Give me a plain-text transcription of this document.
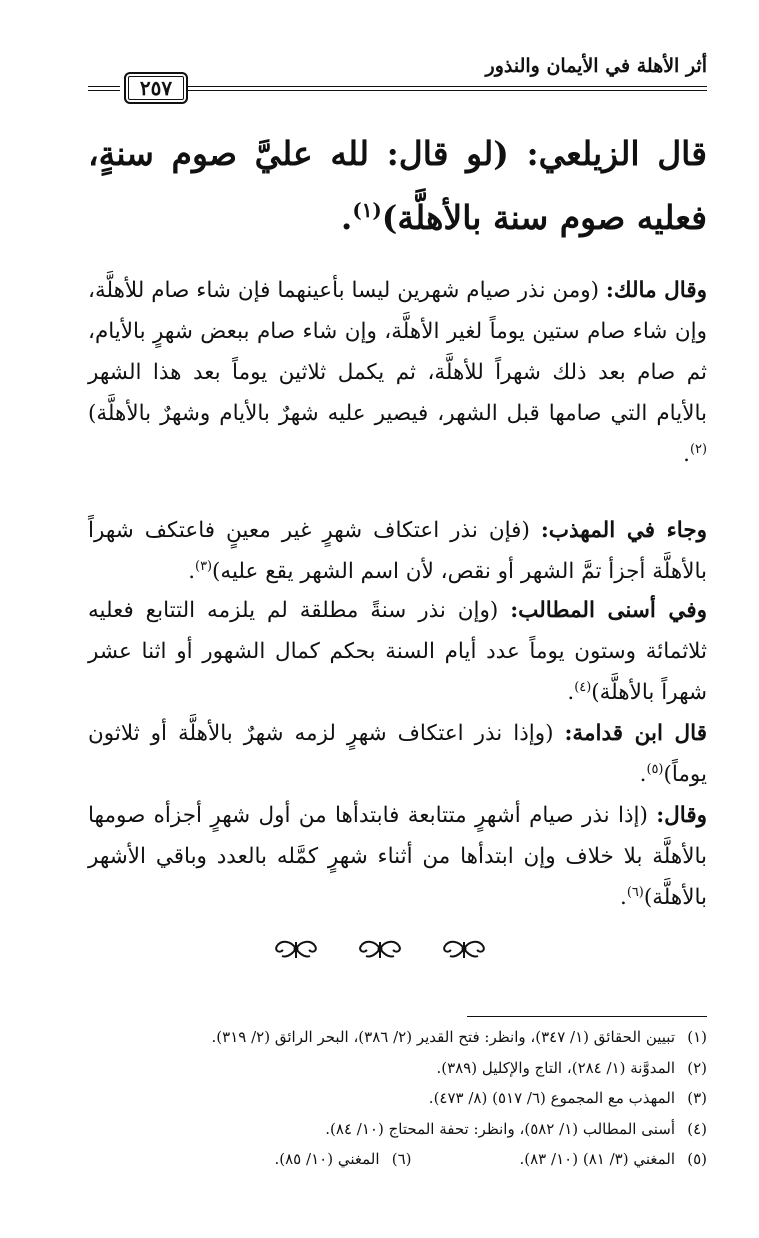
أثر الأهلة في الأيمان والنذور
٢٥٧
قال الزيلعي: (لو قال: لله عليَّ صوم سنةٍ، فعليه صوم سنة بالأهلَّة)$^{(١)}$.
وقال مالك: (ومن نذر صيام شهرين ليسا بأعينهما فإن شاء صام للأهلَّة، وإن شاء صام ستين يوماً لغير الأهلَّة، وإن شاء صام ببعض شهرٍ بالأيام، ثم صام بعد ذلك شهراً للأهلَّة، ثم يكمل ثلاثين يوماً بعد هذا الشهر بالأيام التي صامها قبل الشهر، فيصير عليه شهرٌ بالأيام وشهرٌ بالأهلَّة)$^{(٢)}$.
وجاء في المهذب: (فإن نذر اعتكاف شهرٍ غير معينٍ فاعتكف شهراً بالأهلَّة أجزأ تمَّ الشهر أو نقص، لأن اسم الشهر يقع عليه)$^{(٣)}$.
وفي أسنى المطالب: (وإن نذر سنةً مطلقة لم يلزمه التتابع فعليه ثلاثمائة وستون يوماً عدد أيام السنة بحكم كمال الشهور أو اثنا عشر شهراً بالأهلَّة)$^{(٤)}$.
قال ابن قدامة: (وإذا نذر اعتكاف شهرٍ لزمه شهرٌ بالأهلَّة أو ثلاثون يوماً)$^{(٥)}$.
وقال: (إذا نذر صيام أشهرٍ متتابعة فابتدأها من أول شهرٍ أجزأه صومها بالأهلَّة بلا خلاف وإن ابتدأها من أثناء شهرٍ كمَّله بالعدد وباقي الأشهر بالأهلَّة)$^{(٦)}$.
(١)
تبيين الحقائق (١/ ٣٤٧)، وانظر: فتح القدير (٢/ ٣٨٦)، البحر الرائق (٢/ ٣١٩).
(٢)
المدوَّنة (١/ ٢٨٤)، التاج والإكليل (٣٨٩).
(٣)
المهذب مع المجموع (٦/ ٥١٧) (٨/ ٤٧٣).
(٤)
أسنى المطالب (١/ ٥٨٢)، وانظر: تحفة المحتاج (١٠/ ٨٤).
(٥)
المغني (٣/ ٨١) (١٠/ ٨٣).
(٦)
المغني (١٠/ ٨٥).
